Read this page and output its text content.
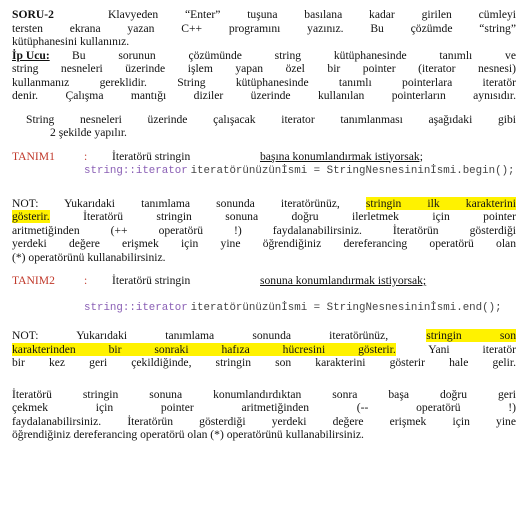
SORU-2	Klavyeden “Enter” tuşuna basılana kadar girilen cümleyi

tersten ekrana yazan C++ programını yazınız. Bu çözümde “string”

kütüphanesini kullanınız.

İp Ucu:	Bu sorunun çözümünde string kütüphanesinde tanımlı ve

string nesneleri üzerinde işlem yapan özel bir pointer (iterator nesnesi)

kullanmanız gereklidir. String kütüphanesinde tanımlı pointerlara iteratör

denir. Çalışma mantığı diziler üzerinde kullanılan pointerların aynısıdır.

String nesneleri üzerinde çalışacak iterator tanımlanması aşağıdaki gibi

2 şekilde yapılır.

TANIM1	:	İteratörü stringin	başına konumlandırmak istiyorsak;
string::iterator iteratörünüzünİsmi = StringNesnesininİsmi.begin();

NOT: Yukarıdaki tanımlama sonunda iteratörünüz, stringin ilk karakterini

gösterir.	İteratörü stringin sonuna doğru ilerletmek için pointer

aritmetiğinden (++ operatörü !) faydalanabilirsiniz. İteratörün gösterdiği

yerdeki değere erişmek için yine öğrendiğiniz dereferancing operatörü olan

(*) operatörünü kullanabilirsiniz.

TANIM2	:	İteratörü stringin	sonuna konumlandırmak istiyorsak;
string::iterator iteratörünüzünİsmi = StringNesnesininİsmi.end();

NOT: Yukarıdaki tanımlama sonunda iteratörünüz,	stringin son

karakterinden bir sonraki hafıza hücresini gösterir.	Yani iteratör

bir kez geri çekildiğinde, stringin son karakterini gösterir hale gelir.

İteratörü stringin sonuna konumlandırdıktan sonra başa doğru geri

çekmek için pointer aritmetiğinden (-- operatörü !)

faydalanabilirsiniz. İteratörün gösterdiği yerdeki değere erişmek için yine

öğrendiğiniz dereferancing operatörü olan (*) operatörünü kullanabilirsiniz.
